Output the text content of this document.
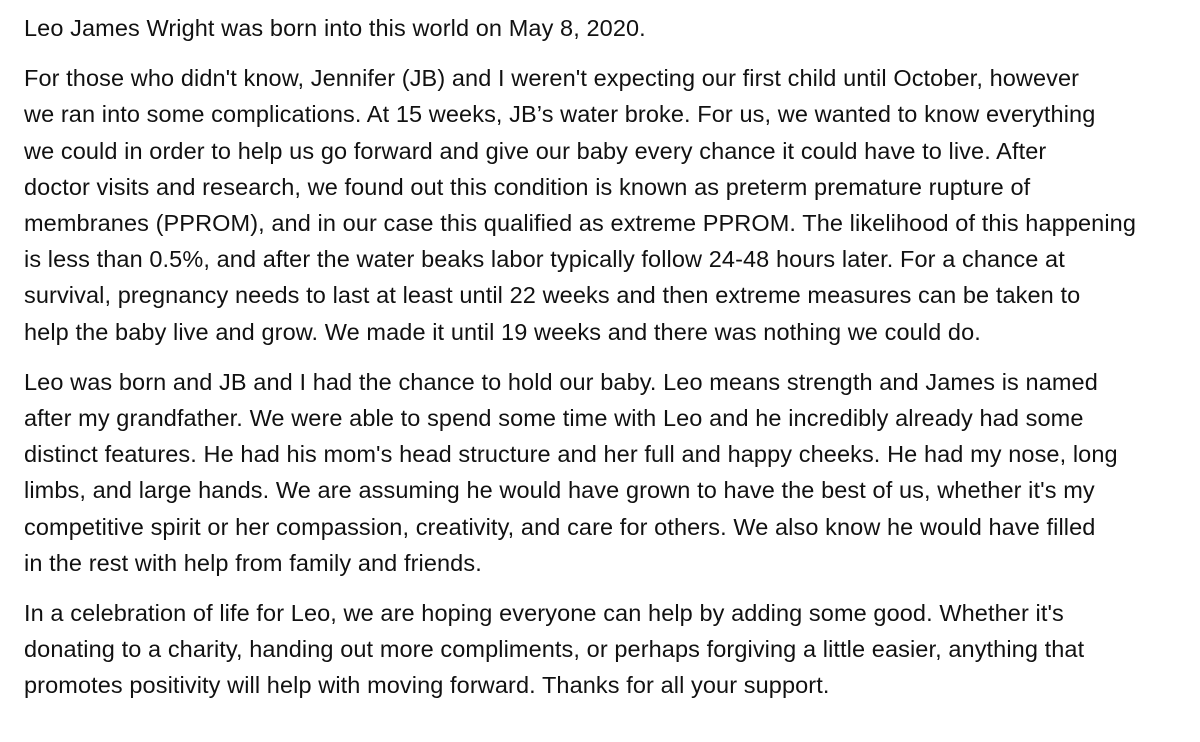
Leo James Wright was born into this world on May 8, 2020.

For those who didn't know, Jennifer (JB) and I weren't expecting our first child until October, however
we ran into some complications. At 15 weeks, JB’s water broke. For us, we wanted to know everything
we could in order to help us go forward and give our baby every chance it could have to live. After
doctor visits and research, we found out this condition is known as preterm premature rupture of
membranes (PPROM), and in our case this qualified as extreme PPROM. The likelihood of this happening
is less than 0.5%, and after the water beaks labor typically follow 24-48 hours later. For a chance at
survival, pregnancy needs to last at least until 22 weeks and then extreme measures can be taken to
help the baby live and grow. We made it until 19 weeks and there was nothing we could do.

Leo was born and JB and I had the chance to hold our baby. Leo means strength and James is named
after my grandfather. We were able to spend some time with Leo and he incredibly already had some
distinct features. He had his mom's head structure and her full and happy cheeks. He had my nose, long
limbs, and large hands. We are assuming he would have grown to have the best of us, whether it's my
competitive spirit or her compassion, creativity, and care for others. We also know he would have filled
in the rest with help from family and friends.

In a celebration of life for Leo, we are hoping everyone can help by adding some good. Whether it's
donating to a charity, handing out more compliments, or perhaps forgiving a little easier, anything that
promotes positivity will help with moving forward. Thanks for all your support.
